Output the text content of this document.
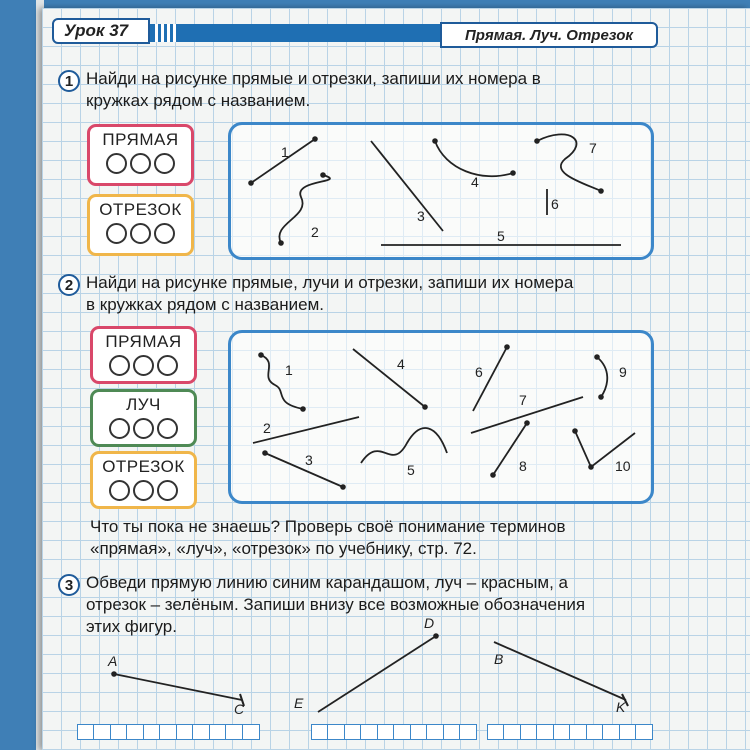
Урок 37	Прямая. Луч. Отрезок
1 Найди на рисунке прямые и отрезки, запиши их номера в
кружках рядом с названием.
ПРЯМАЯ
ОТРЕЗОК
1
2
3
4
5
6
7
2 Найди на рисунке прямые, лучи и отрезки, запиши их номера
в кружках рядом с названием.
ПРЯМАЯ
ЛУЧ
ОТРЕЗОК
1
2
3
4
5
6
7
8
9
10
Что ты пока не знаешь? Проверь своё понимание терминов
«прямая», «луч», «отрезок» по учебнику, стр. 72.
3 Обведи прямую линию синим карандашом, луч – красным, а
отрезок – зелёным. Запиши внизу все возможные обозначения
этих фигур.
A
C
D
E
B
K
